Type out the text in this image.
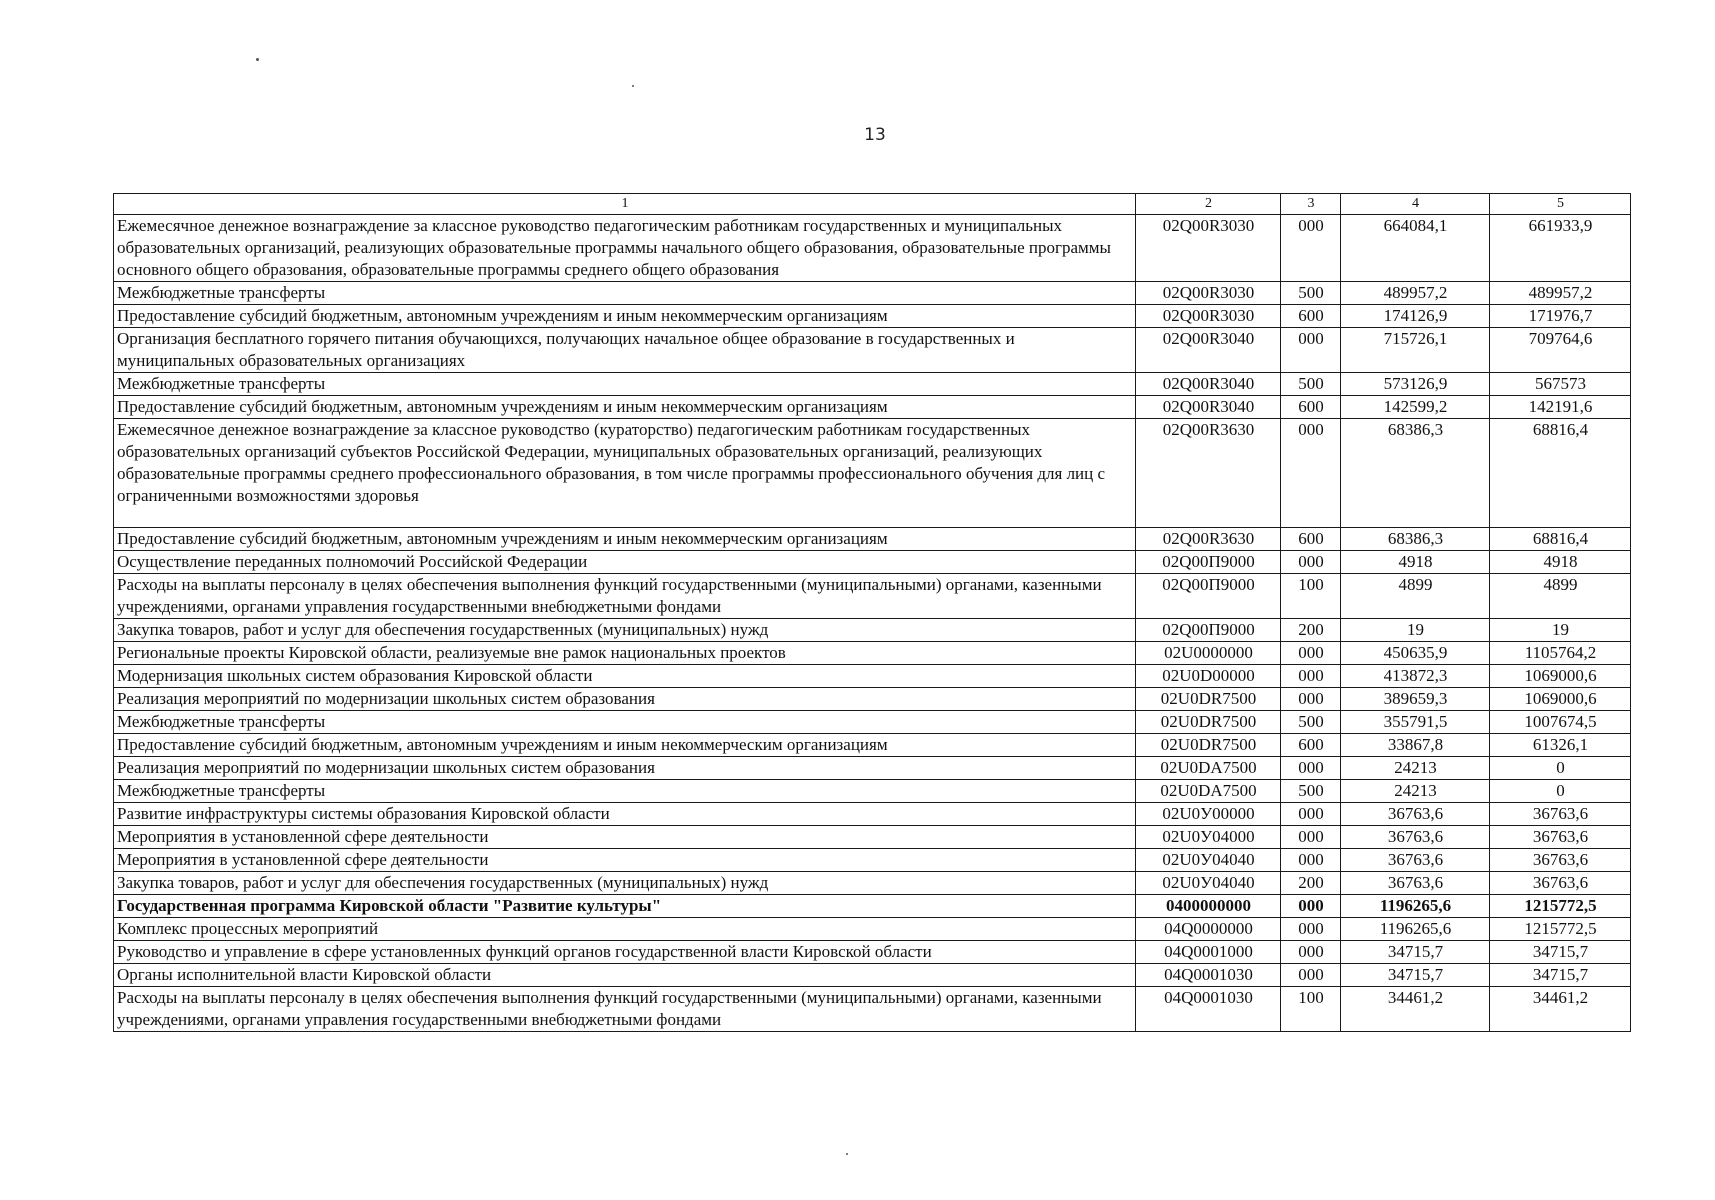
13
1	2	3	4	5
Ежемесячное денежное вознаграждение за классное руководство педагогическим работникам государственных и муниципальных образовательных организаций, реализующих образовательные программы начального общего образования, образовательные программы основного общего образования, образовательные программы среднего общего образования	02Q00R3030	000	664084,1	661933,9
Межбюджетные трансферты	02Q00R3030	500	489957,2	489957,2
Предоставление субсидий бюджетным, автономным учреждениям и иным некоммерческим организациям	02Q00R3030	600	174126,9	171976,7
Организация бесплатного горячего питания обучающихся, получающих начальное общее образование в государственных и муниципальных образовательных организациях	02Q00R3040	000	715726,1	709764,6
Межбюджетные трансферты	02Q00R3040	500	573126,9	567573
Предоставление субсидий бюджетным, автономным учреждениям и иным некоммерческим организациям	02Q00R3040	600	142599,2	142191,6
Ежемесячное денежное вознаграждение за классное руководство (кураторство) педагогическим работникам государственных образовательных организаций субъектов Российской Федерации, муниципальных образовательных организаций, реализующих образовательные программы среднего профессионального образования, в том числе программы профессионального обучения для лиц с ограниченными возможностями здоровья	02Q00R3630	000	68386,3	68816,4
Предоставление субсидий бюджетным, автономным учреждениям и иным некоммерческим организациям	02Q00R3630	600	68386,3	68816,4
Осуществление переданных полномочий Российской Федерации	02Q00П9000	000	4918	4918
Расходы на выплаты персоналу в целях обеспечения выполнения функций государственными (муниципальными) органами, казенными учреждениями, органами управления государственными внебюджетными фондами	02Q00П9000	100	4899	4899
Закупка товаров, работ и услуг для обеспечения государственных (муниципальных) нужд	02Q00П9000	200	19	19
Региональные проекты Кировской области, реализуемые вне рамок национальных проектов	02U0000000	000	450635,9	1105764,2
Модернизация школьных систем образования Кировской области	02U0D00000	000	413872,3	1069000,6
Реализация мероприятий по модернизации школьных систем образования	02U0DR7500	000	389659,3	1069000,6
Межбюджетные трансферты	02U0DR7500	500	355791,5	1007674,5
Предоставление субсидий бюджетным, автономным учреждениям и иным некоммерческим организациям	02U0DR7500	600	33867,8	61326,1
Реализация мероприятий по модернизации школьных систем образования	02U0DA7500	000	24213	0
Межбюджетные трансферты	02U0DA7500	500	24213	0
Развитие инфраструктуры системы образования Кировской области	02U0У00000	000	36763,6	36763,6
Мероприятия в установленной сфере деятельности	02U0У04000	000	36763,6	36763,6
Мероприятия в установленной сфере деятельности	02U0У04040	000	36763,6	36763,6
Закупка товаров, работ и услуг для обеспечения государственных (муниципальных) нужд	02U0У04040	200	36763,6	36763,6
Государственная программа Кировской области "Развитие культуры"	0400000000	000	1196265,6	1215772,5
Комплекс процессных мероприятий	04Q0000000	000	1196265,6	1215772,5
Руководство и управление в сфере установленных функций органов государственной власти Кировской области	04Q0001000	000	34715,7	34715,7
Органы исполнительной власти Кировской области	04Q0001030	000	34715,7	34715,7
Расходы на выплаты персоналу в целях обеспечения выполнения функций государственными (муниципальными) органами, казенными учреждениями, органами управления государственными внебюджетными фондами	04Q0001030	100	34461,2	34461,2
